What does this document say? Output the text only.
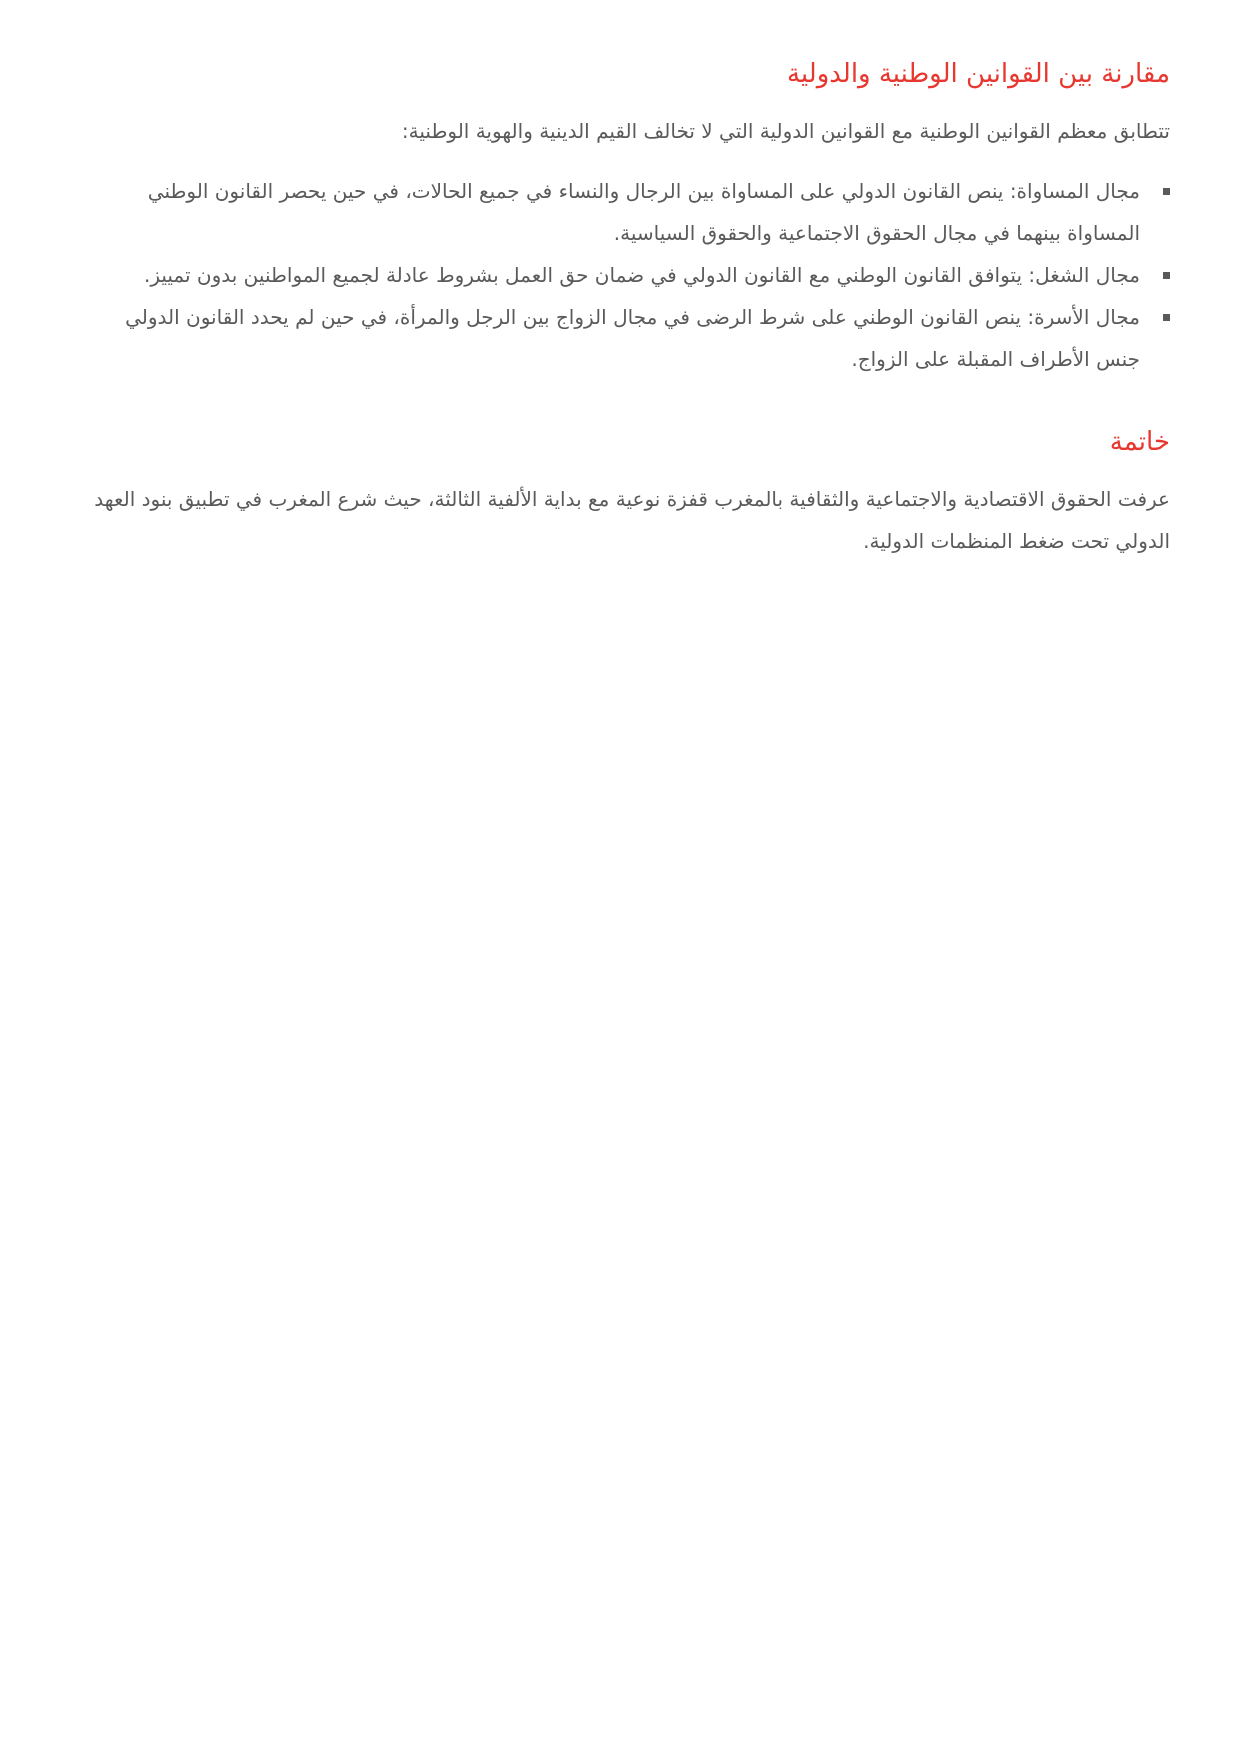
مقارنة بين القوانين الوطنية والدولية

تتطابق معظم القوانين الوطنية مع القوانين الدولية التي لا تخالف القيم الدينية والهوية الوطنية:

مجال المساواة: ينص القانون الدولي على المساواة بين الرجال والنساء في جميع الحالات، في حين يحصر القانون الوطني المساواة بينهما في مجال الحقوق الاجتماعية والحقوق السياسية.
مجال الشغل: يتوافق القانون الوطني مع القانون الدولي في ضمان حق العمل بشروط عادلة لجميع المواطنين بدون تمييز.
مجال الأسرة: ينص القانون الوطني على شرط الرضى في مجال الزواج بين الرجل والمرأة، في حين لم يحدد القانون الدولي جنس الأطراف المقبلة على الزواج.
خاتمة

عرفت الحقوق الاقتصادية والاجتماعية والثقافية بالمغرب قفزة نوعية مع بداية الألفية الثالثة، حيث شرع المغرب في تطبيق بنود العهد الدولي تحت ضغط المنظمات الدولية.
